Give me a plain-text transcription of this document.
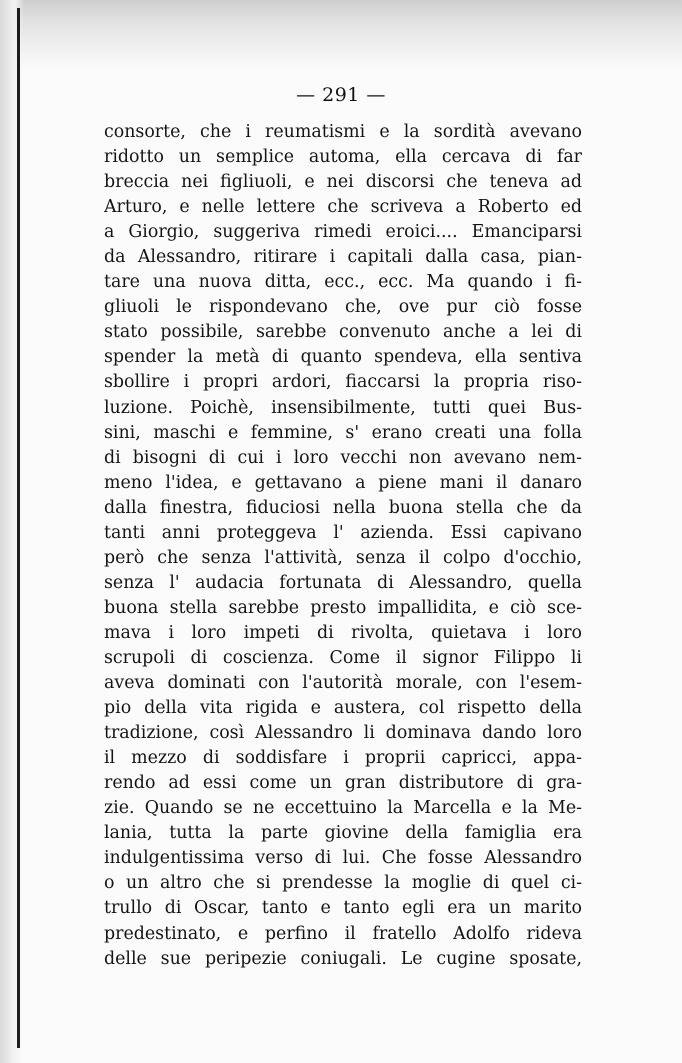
— 291 —
consorte, che i reumatismi e la sordità avevano
ridotto un semplice automa, ella cercava di far
breccia nei figliuoli, e nei discorsi che teneva ad
Arturo, e nelle lettere che scriveva a Roberto ed
a Giorgio, suggeriva rimedi eroici.... Emanciparsi
da Alessandro, ritirare i capitali dalla casa, pian-
tare una nuova ditta, ecc., ecc. Ma quando i fi-
gliuoli le rispondevano che, ove pur ciò fosse
stato possibile, sarebbe convenuto anche a lei di
spender la metà di quanto spendeva, ella sentiva
sbollire i propri ardori, fiaccarsi la propria riso-
luzione. Poichè, insensibilmente, tutti quei Bus-
sini, maschi e femmine, s' erano creati una folla
di bisogni di cui i loro vecchi non avevano nem-
meno l'idea, e gettavano a piene mani il danaro
dalla finestra, fiduciosi nella buona stella che da
tanti anni proteggeva l' azienda. Essi capivano
però che senza l'attività, senza il colpo d'occhio,
senza l' audacia fortunata di Alessandro, quella
buona stella sarebbe presto impallidita, e ciò sce-
mava i loro impeti di rivolta, quietava i loro
scrupoli di coscienza. Come il signor Filippo li
aveva dominati con l'autorità morale, con l'esem-
pio della vita rigida e austera, col rispetto della
tradizione, così Alessandro li dominava dando loro
il mezzo di soddisfare i proprii capricci, appa-
rendo ad essi come un gran distributore di gra-
zie. Quando se ne eccettuino la Marcella e la Me-
lania, tutta la parte giovine della famiglia era
indulgentissima verso di lui. Che fosse Alessandro
o un altro che si prendesse la moglie di quel ci-
trullo di Oscar, tanto e tanto egli era un marito
predestinato, e perfino il fratello Adolfo rideva
delle sue peripezie coniugali. Le cugine sposate,
